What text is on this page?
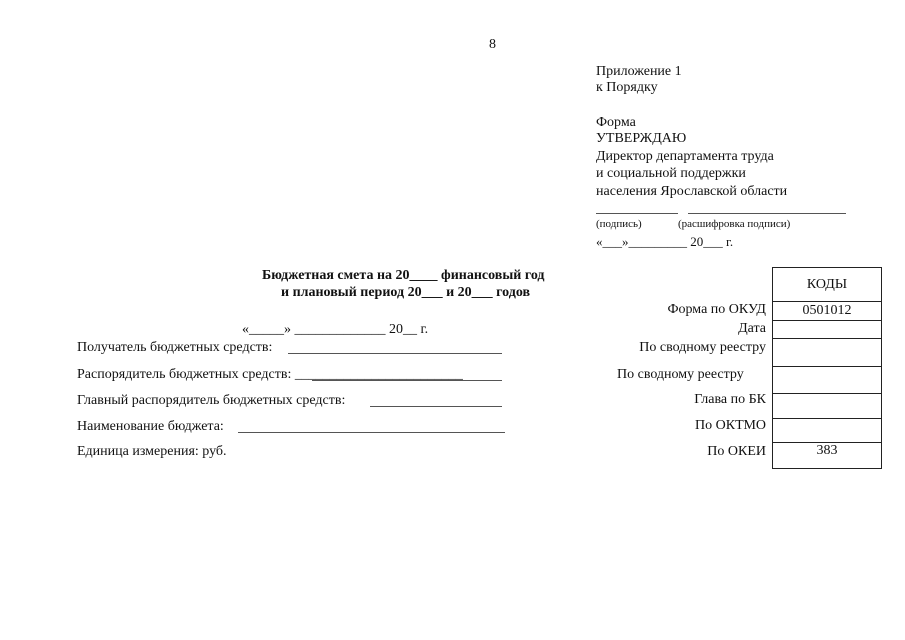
8
Приложение 1
к Порядку
Форма
УТВЕРЖДАЮ
Директор департамента труда
и социальной поддержки
населения Ярославской области
(подпись)	(расшифровка подписи)
«___»_________ 20___ г.
Бюджетная смета на 20____ финансовый год
и плановый период 20___ и 20___ годов
«_____» _____________ 20__ г.
Получатель бюджетных средств:
Распорядитель бюджетных средств: ________________________
Главный распорядитель бюджетных средств:
Наименование бюджета:
Единица измерения: руб.
Форма по ОКУД
Дата
По сводному реестру
По сводному реестру
Глава по БК
По ОКТМО
По ОКЕИ
КОДЫ
0501012
383
